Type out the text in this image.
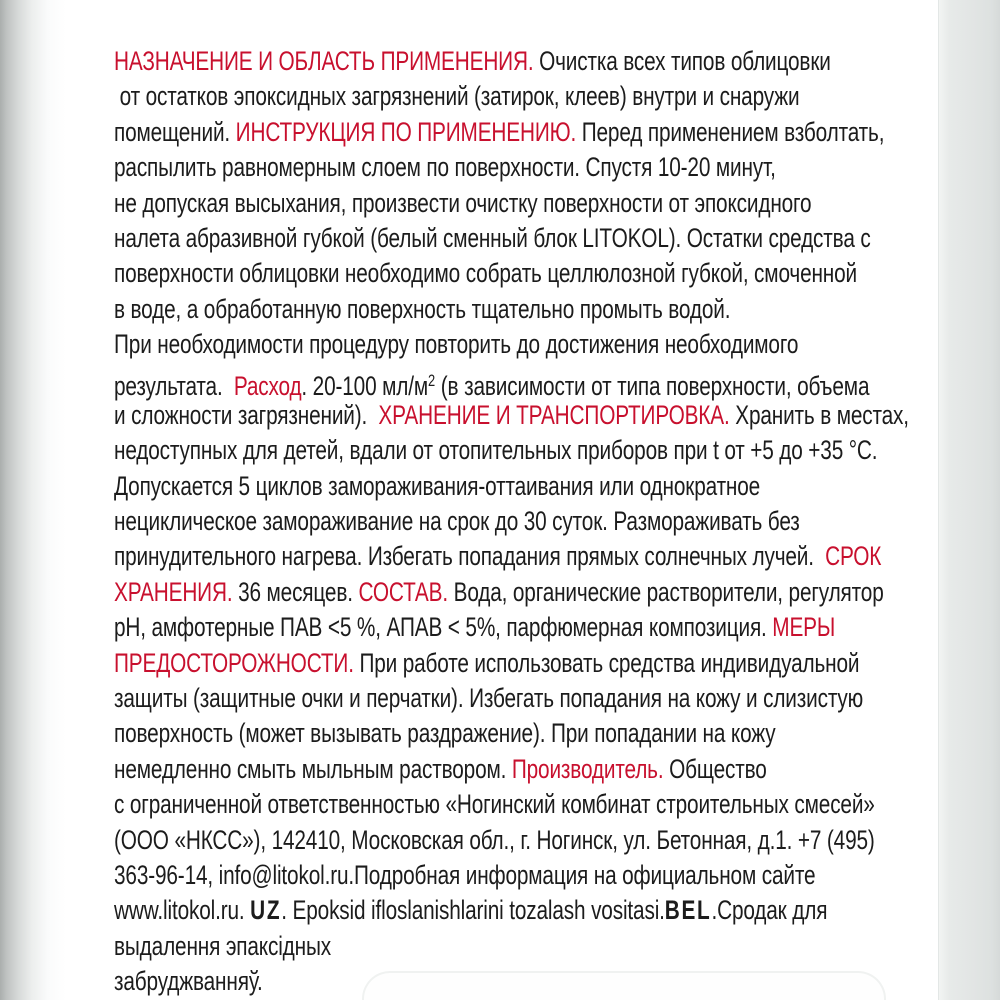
НАЗНАЧЕНИЕ И ОБЛАСТЬ ПРИМЕНЕНИЯ. Очистка всех типов облицовки
от остатков эпоксидных загрязнений (затирок, клеев) внутри и снаружи
помещений. ИНСТРУКЦИЯ ПО ПРИМЕНЕНИЮ. Перед применением взболтать,
распылить равномерным слоем по поверхности. Спустя 10-20 минут,
не допуская высыхания, произвести очистку поверхности от эпоксидного
налета абразивной губкой (белый сменный блок LITOKOL). Остатки средства с
поверхности облицовки необходимо собрать целлюлозной губкой, смоченной
в воде, а обработанную поверхность тщательно промыть водой.
При необходимости процедуру повторить до достижения необходимого
результата.  Расход. 20-100 $мл/м^2$ (в зависимости от типа поверхности, объема
и сложности загрязнений).  ХРАНЕНИЕ И ТРАНСПОРТИРОВКА. Хранить в местах,
недоступных для детей, вдали от отопительных приборов при t от +5 до +35 °С.
Допускается 5 циклов замораживания-оттаивания или однократное
нециклическое замораживание на срок до 30 суток. Размораживать без
принудительного нагрева. Избегать попадания прямых солнечных лучей.  СРОК
ХРАНЕНИЯ. 36 месяцев. СОСТАВ. Вода, органические растворители, регулятор
pH, амфотерные ПАВ <5 %, АПАВ < 5%, парфюмерная композиция. МЕРЫ
ПРЕДОСТОРОЖНОСТИ. При работе использовать средства индивидуальной
защиты (защитные очки и перчатки). Избегать попадания на кожу и слизистую
поверхность (может вызывать раздражение). При попадании на кожу
немедленно смыть мыльным раствором. Производитель. Общество
с ограниченной ответственностью «Ногинский комбинат строительных смесей»
(ООО «НКСС»), 142410, Московская обл., г. Ногинск, ул. Бетонная, д.1. +7 (495)
363-96-14, info@litokol.ru.Подробная информация на официальном сайте
www.litokol.ru. UZ. Epoksid ifloslanishlarini tozalash vositasi.BEL.Сродак для
выдалення эпаксідных
забруджванняў.
